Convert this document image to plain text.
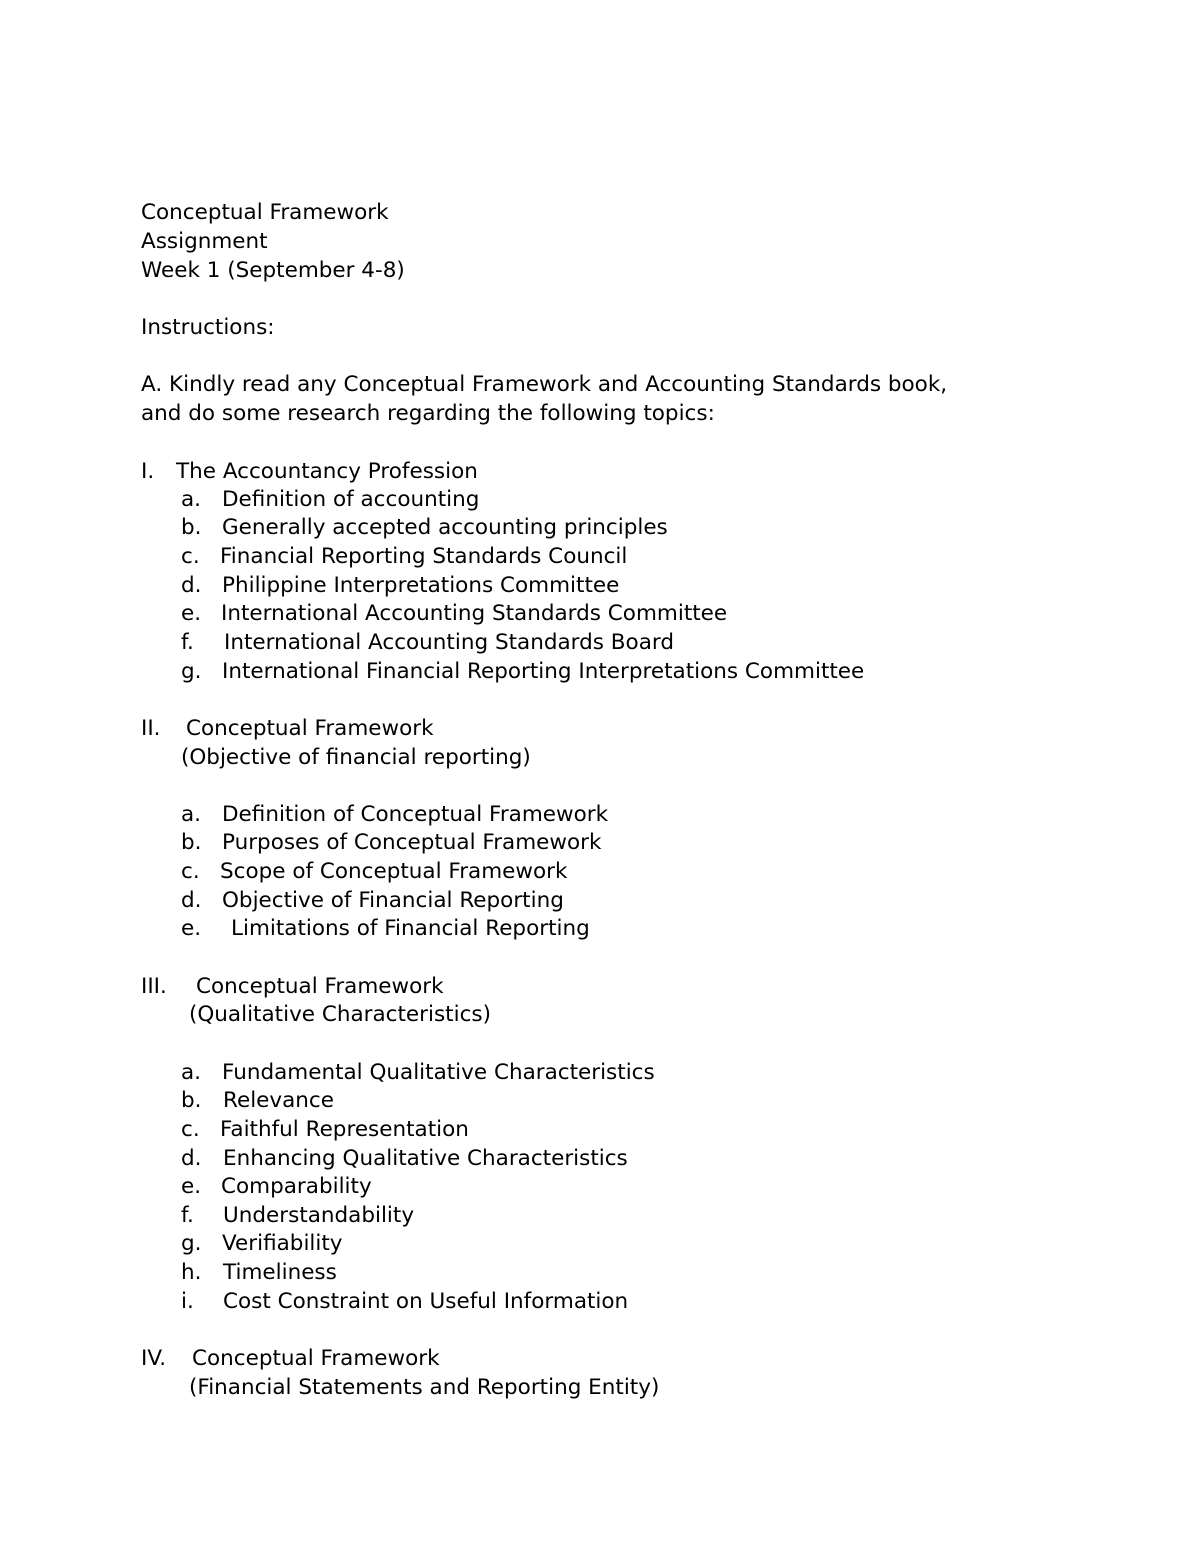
Conceptual Framework
Assignment
Week 1 (September 4-8)
Instructions:
A. Kindly read any Conceptual Framework and Accounting Standards book,
and do some research regarding the following topics:

I.

The Accountancy Profession

a.

Definition of accounting

b.

Generally accepted accounting principles

c.

Financial Reporting Standards Council

d.

Philippine Interpretations Committee

e.

International Accounting Standards Committee

f.

International Accounting Standards Board

g.

International Financial Reporting Interpretations Committee

II.

Conceptual Framework

(Objective of financial reporting)

a.

Definition of Conceptual Framework

b.

Purposes of Conceptual Framework

c.

Scope of Conceptual Framework

d.

Objective of Financial Reporting

e.

Limitations of Financial Reporting

III.

Conceptual Framework

(Qualitative Characteristics)

a.

Fundamental Qualitative Characteristics

b.

Relevance

c.

Faithful Representation

d.

Enhancing Qualitative Characteristics

e.

Comparability

f.

Understandability

g.

Verifiability

h.

Timeliness

i.

Cost Constraint on Useful Information

IV.

Conceptual Framework

(Financial Statements and Reporting Entity)
